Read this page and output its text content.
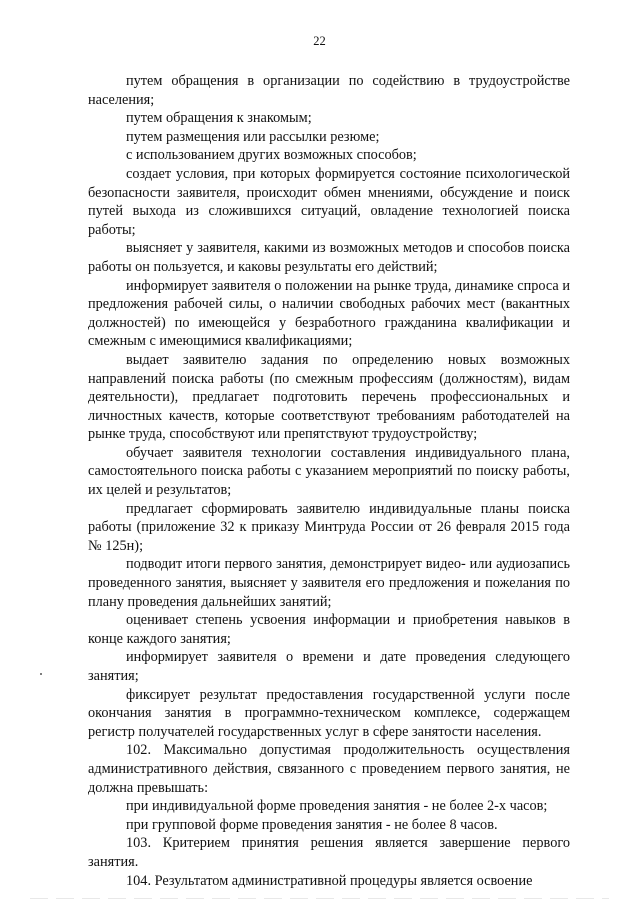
22

путем обращения в организации по содействию в трудоустройстве населения;

путем обращения к знакомым;

путем размещения или рассылки резюме;

с использованием других возможных способов;

создает условия, при которых формируется состояние психологической безопасности заявителя, происходит обмен мнениями, обсуждение и поиск путей выхода из сложившихся ситуаций, овладение технологией поиска работы;

выясняет у заявителя, какими из возможных методов и способов поиска работы он пользуется, и каковы результаты его действий;

информирует заявителя о положении на рынке труда, динамике спроса и предложения рабочей силы, о наличии свободных рабочих мест (вакантных должностей) по имеющейся у безработного гражданина квалификации и смежным с имеющимися квалификациями;

выдает заявителю задания по определению новых возможных направлений поиска работы (по смежным профессиям (должностям), видам деятельности), предлагает подготовить перечень профессиональных и личностных качеств, которые соответствуют требованиям работодателей на рынке труда, способствуют или препятствуют трудоустройству;

обучает заявителя технологии составления индивидуального плана, самостоятельного поиска работы с указанием мероприятий по поиску работы, их целей и результатов;

предлагает сформировать заявителю индивидуальные планы поиска работы (приложение 32 к приказу Минтруда России от 26 февраля 2015 года № 125н);

подводит итоги первого занятия, демонстрирует видео- или аудиозапись проведенного занятия, выясняет у заявителя его предложения и пожелания по плану проведения дальнейших занятий;

оценивает степень усвоения информации и приобретения навыков в конце каждого занятия;

информирует заявителя о времени и дате проведения следующего занятия;

фиксирует результат предоставления государственной услуги после окончания занятия в программно-техническом комплексе, содержащем регистр получателей государственных услуг в сфере занятости населения.

102. Максимально допустимая продолжительность осуществления административного действия, связанного с проведением первого занятия, не должна превышать:

при индивидуальной форме проведения занятия - не более 2-х часов;

при групповой форме проведения занятия - не более 8 часов.

103. Критерием принятия решения является завершение первого занятия.

104. Результатом административной процедуры является освоение
